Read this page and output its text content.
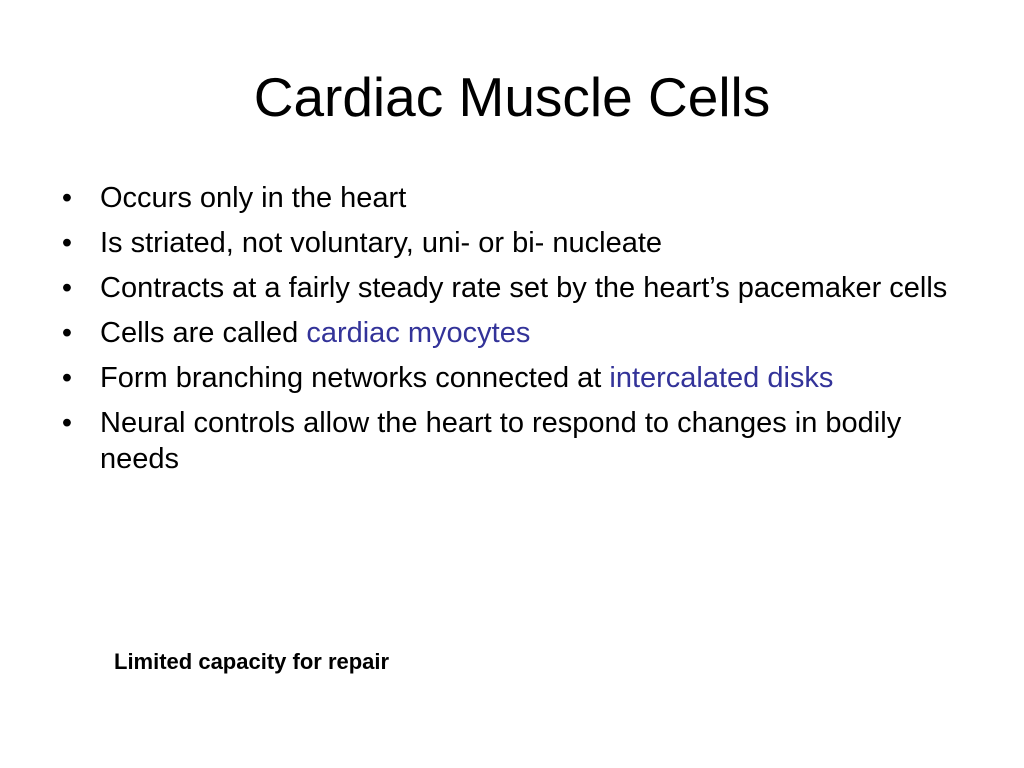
Cardiac Muscle Cells
• Occurs only in the heart
• Is striated, not voluntary, uni- or bi- nucleate
• Contracts at a fairly steady rate set by the heart’s pacemaker cells
• Cells are called cardiac myocytes
• Form branching networks connected at intercalated disks
• Neural controls allow the heart to respond to changes in bodily needs

Limited capacity for repair
